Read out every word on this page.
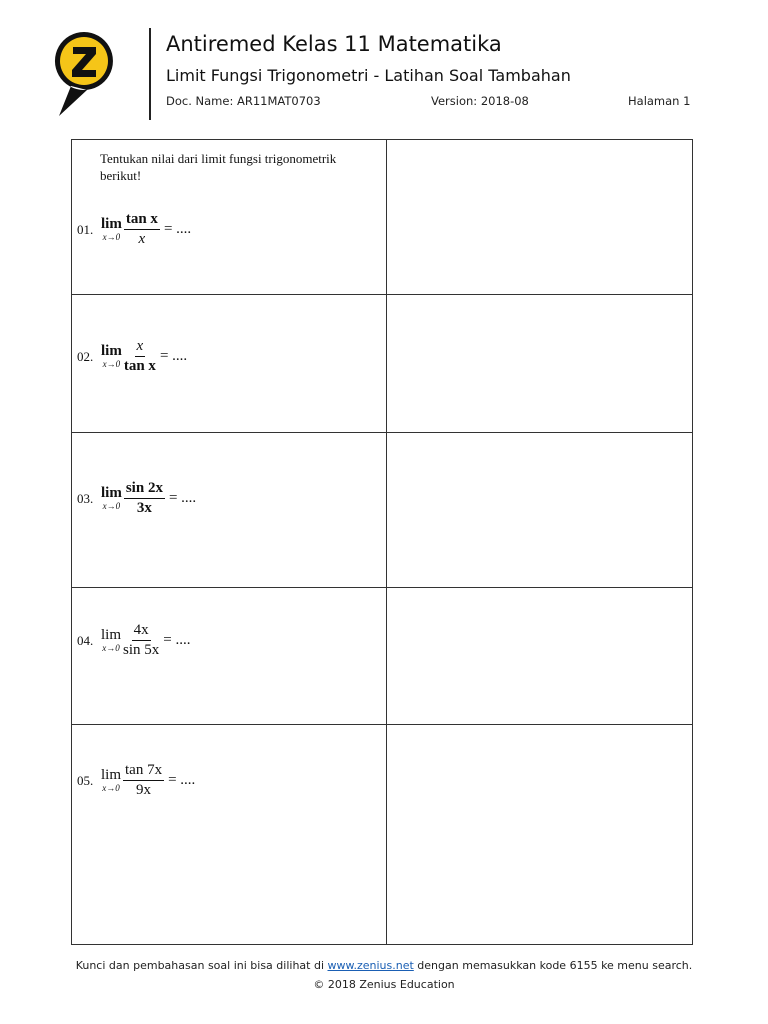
Antiremed Kelas 11 Matematika
Limit Fungsi Trigonometri - Latihan Soal Tambahan
Doc. Name: AR11MAT0703	Version: 2018-08	Halaman 1
Tentukan nilai dari limit fungsi trigonometrik berikut!
01. lim
$x\to 0 \frac{\text{tan x}}{x}$ = ....
02. lim
$x\to 0 \frac{x}{\text{tan x}}$ = ....
03. lim
$x\to 0 \frac{\sin 2x}{3x}$ = ....
04. lim
$x\to 0 \frac{4x}{\sin 5x}$ = ....
05. lim
$x\to 0 \frac{\tan 7x}{9x}$ = ....
Kunci dan pembahasan soal ini bisa dilihat di www.zenius.net dengan memasukkan kode 6155 ke menu search.
© 2018 Zenius Education
